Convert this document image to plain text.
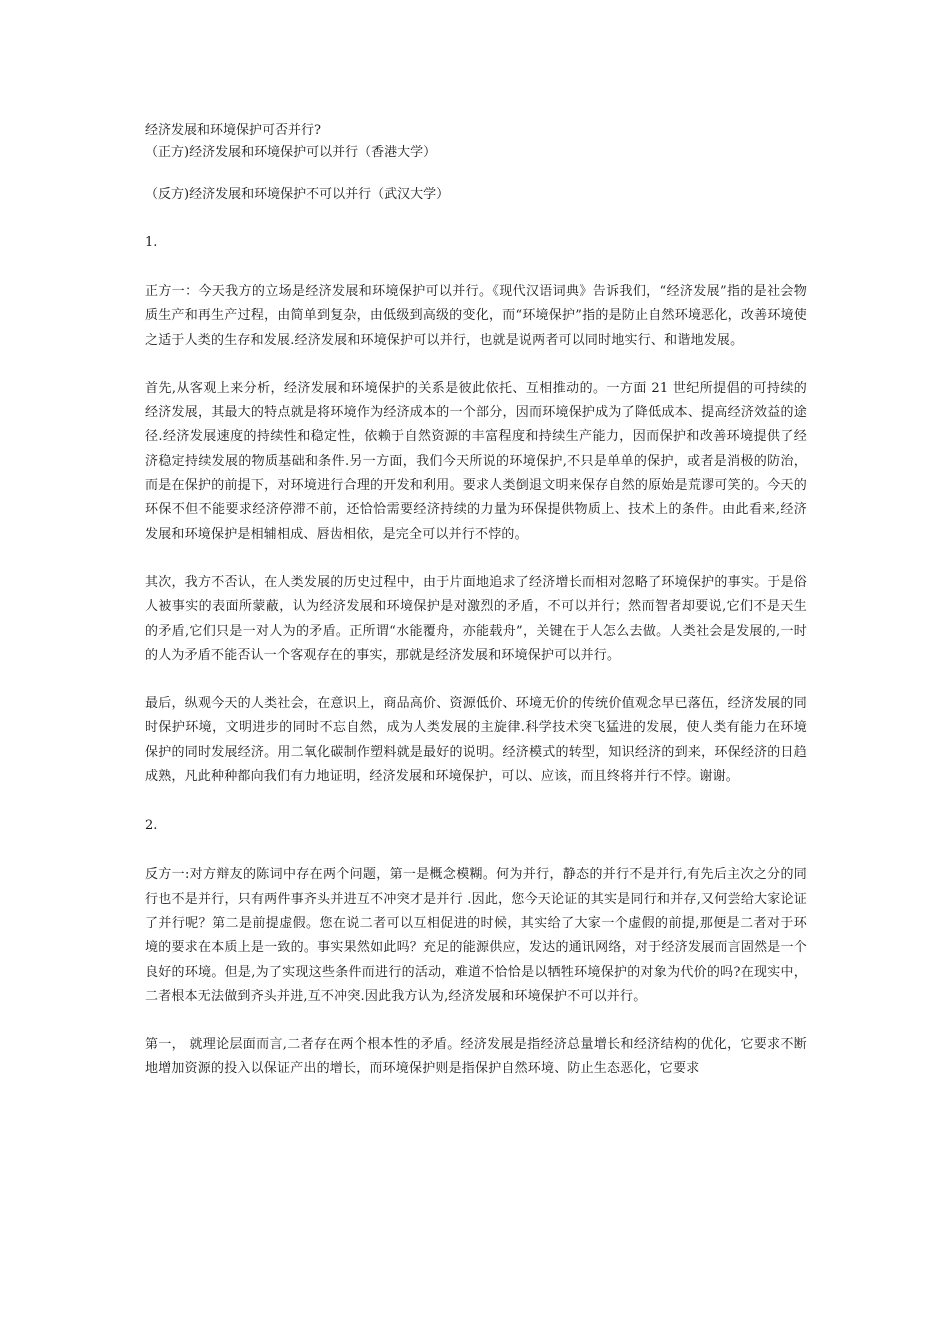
经济发展和环境保护可否并行?

（正方)经济发展和环境保护可以并行（香港大学）

（反方)经济发展和环境保护不可以并行（武汉大学）

1.

正方一：今天我方的立场是经济发展和环境保护可以并行。《现代汉语词典》告诉我们，“经济发展”指的是社会物质生产和再生产过程，由简单到复杂，由低级到高级的变化，而“环境保护”指的是防止自然环境恶化，改善环境使之适于人类的生存和发展.经济发展和环境保护可以并行，也就是说两者可以同时地实行、和谐地发展。

首先,从客观上来分析，经济发展和环境保护的关系是彼此依托、互相推动的。一方面 21 世纪所提倡的可持续的经济发展，其最大的特点就是将环境作为经济成本的一个部分，因而环境保护成为了降低成本、提高经济效益的途径.经济发展速度的持续性和稳定性，依赖于自然资源的丰富程度和持续生产能力，因而保护和改善环境提供了经济稳定持续发展的物质基础和条件.另一方面，我们今天所说的环境保护,不只是单单的保护，或者是消极的防治，而是在保护的前提下，对环境进行合理的开发和利用。要求人类倒退文明来保存自然的原始是荒谬可笑的。今天的环保不但不能要求经济停滞不前，还恰恰需要经济持续的力量为环保提供物质上、技术上的条件。由此看来,经济发展和环境保护是相辅相成、唇齿相依，是完全可以并行不悖的。

其次，我方不否认，在人类发展的历史过程中，由于片面地追求了经济增长而相对忽略了环境保护的事实。于是俗人被事实的表面所蒙蔽，认为经济发展和环境保护是对激烈的矛盾，不可以并行；然而智者却要说,它们不是天生的矛盾,它们只是一对人为的矛盾。正所谓“水能覆舟，亦能载舟”，关键在于人怎么去做。人类社会是发展的,一时的人为矛盾不能否认一个客观存在的事实，那就是经济发展和环境保护可以并行。

最后，纵观今天的人类社会，在意识上，商品高价、资源低价、环境无价的传统价值观念早已落伍，经济发展的同时保护环境，文明进步的同时不忘自然，成为人类发展的主旋律.科学技术突飞猛进的发展，使人类有能力在环境保护的同时发展经济。用二氧化碳制作塑料就是最好的说明。经济模式的转型，知识经济的到来，环保经济的日趋成熟，凡此种种都向我们有力地证明，经济发展和环境保护，可以、应该，而且终将并行不悖。谢谢。

2.

反方一:对方辩友的陈词中存在两个问题，第一是概念模糊。何为并行，静态的并行不是并行,有先后主次之分的同行也不是并行，只有两件事齐头并进互不冲突才是并行 .因此，您今天论证的其实是同行和并存,又何尝给大家论证了并行呢？第二是前提虚假。您在说二者可以互相促进的时候，其实给了大家一个虚假的前提,那便是二者对于环境的要求在本质上是一致的。事实果然如此吗？充足的能源供应，发达的通讯网络，对于经济发展而言固然是一个良好的环境。但是,为了实现这些条件而进行的活动，难道不恰恰是以牺牲环境保护的对象为代价的吗?在现实中，二者根本无法做到齐头并进,互不冲突.因此我方认为,经济发展和环境保护不可以并行。

第一， 就理论层面而言,二者存在两个根本性的矛盾。经济发展是指经济总量增长和经济结构的优化，它要求不断地增加资源的投入以保证产出的增长，而环境保护则是指保护自然环境、防止生态恶化，它要求
